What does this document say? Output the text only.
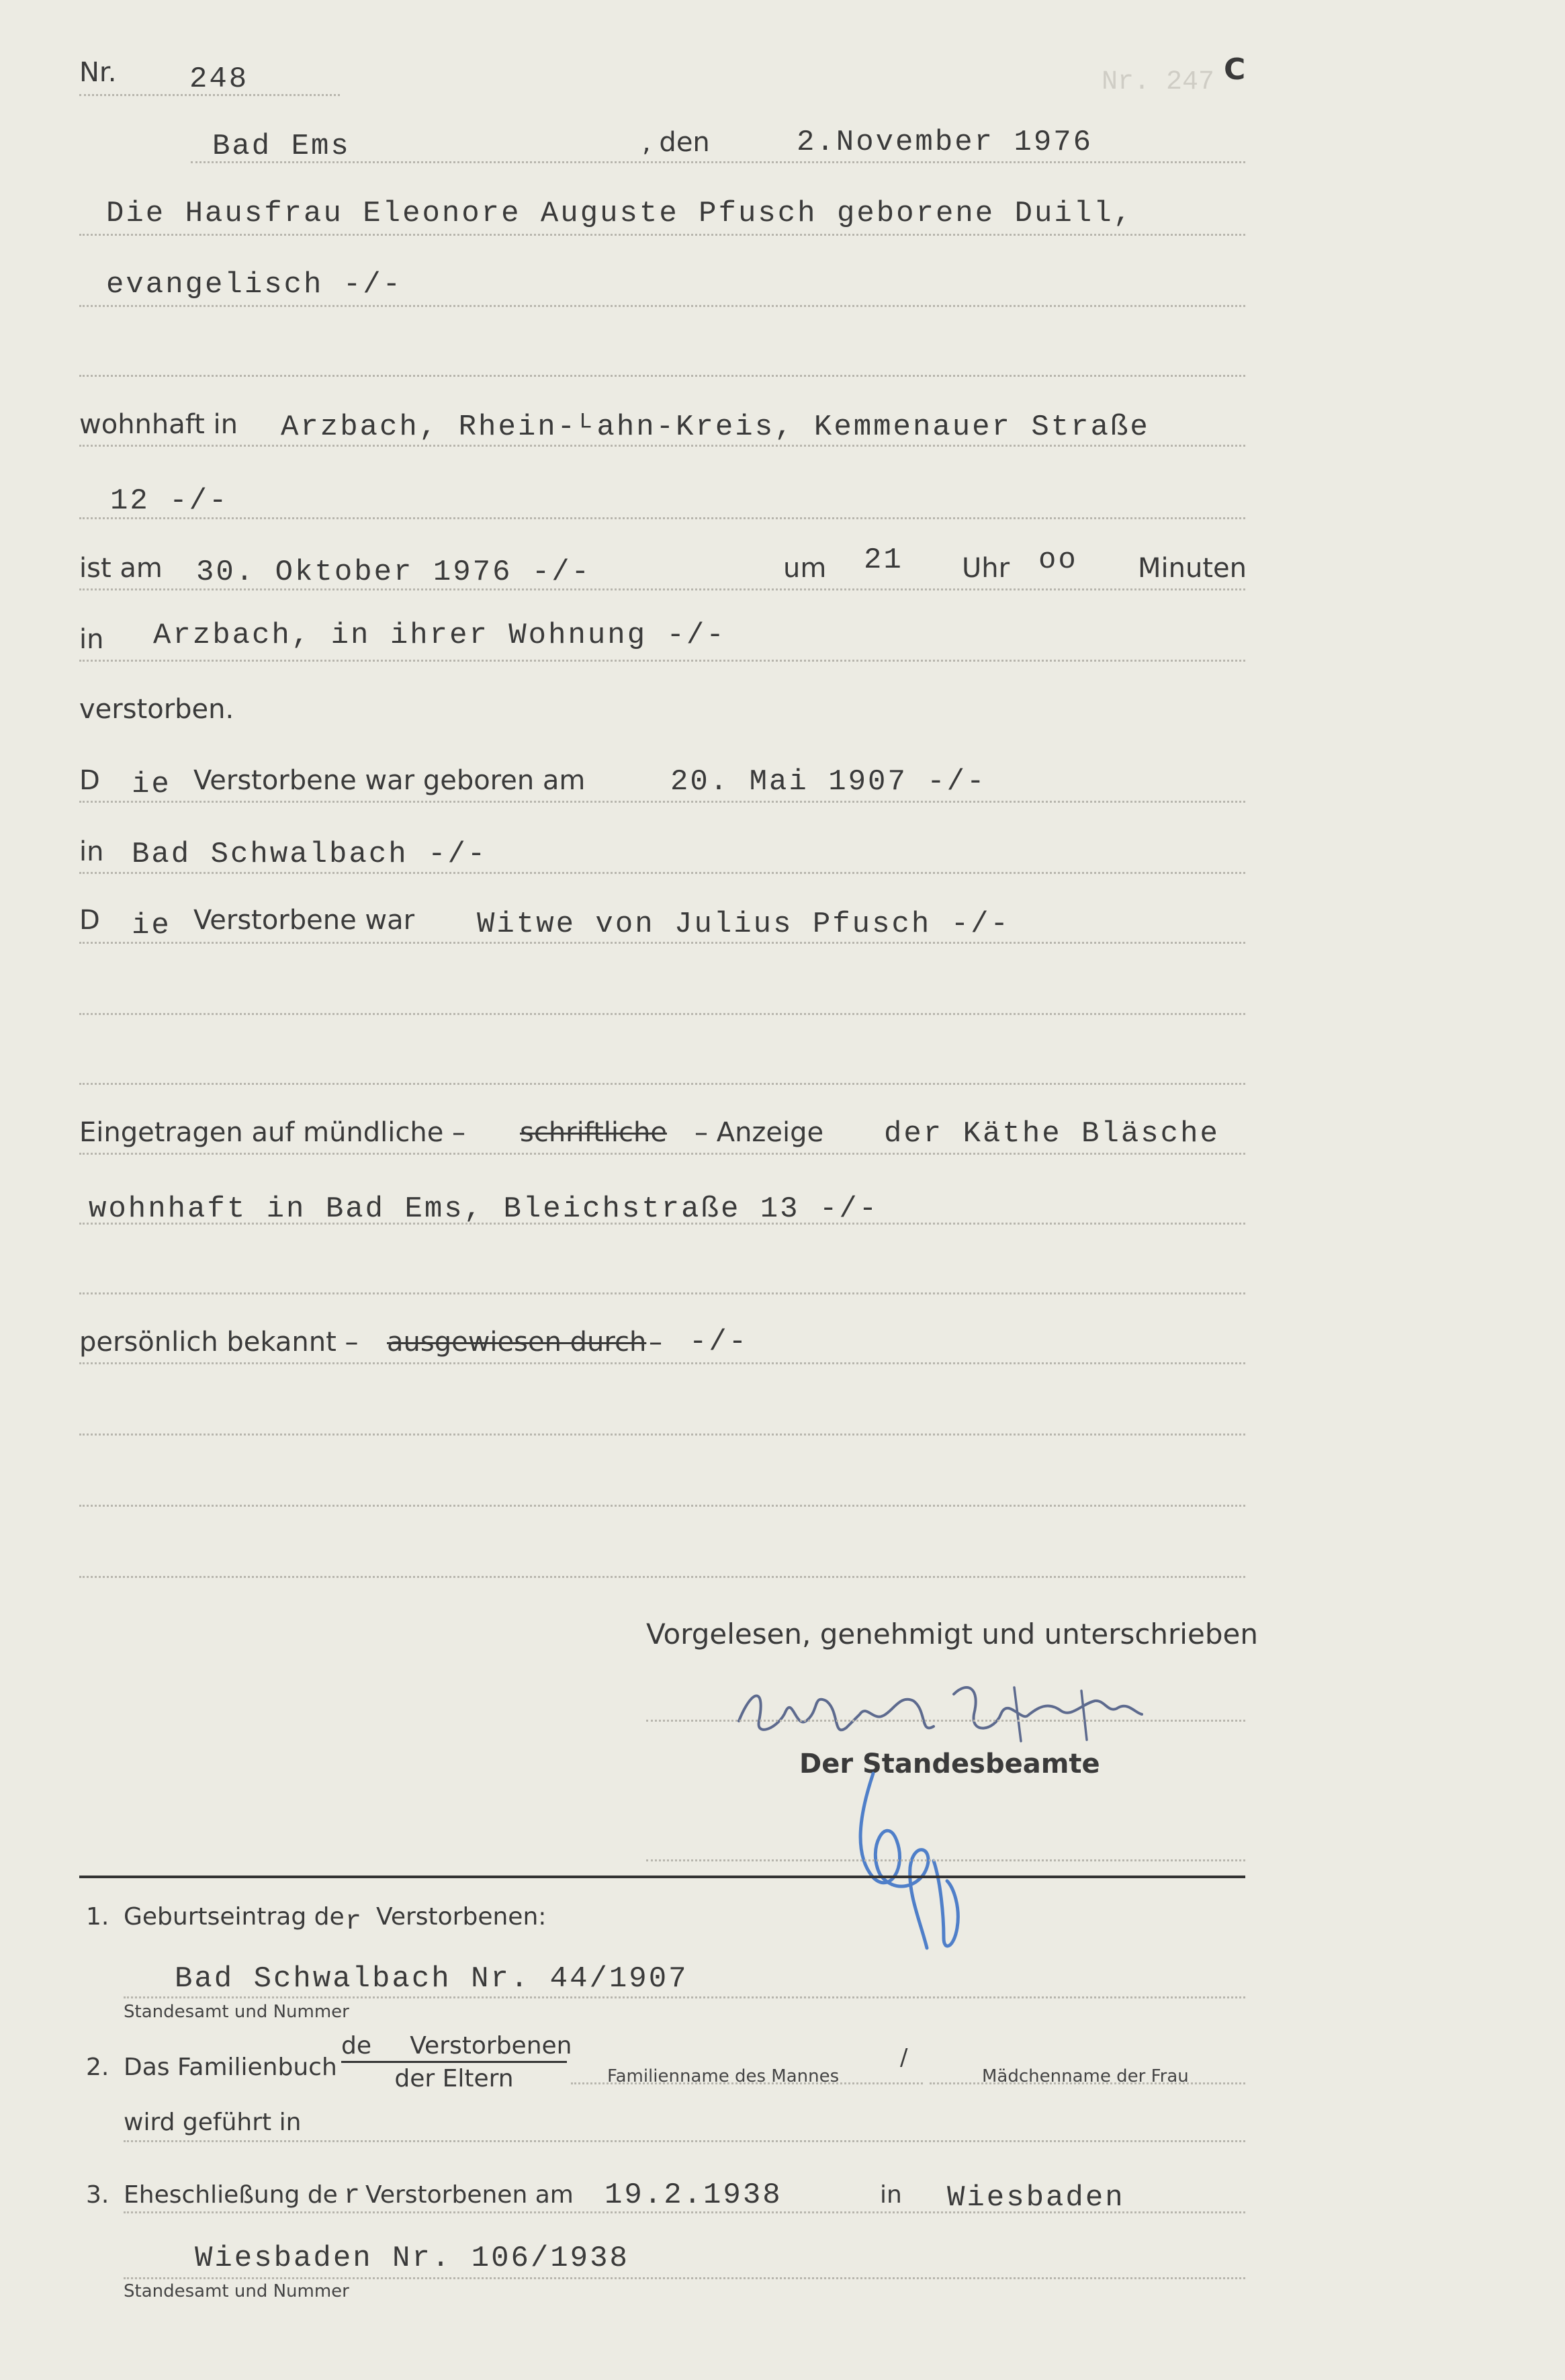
Nr. 247
Nr. 248	C
Bad Ems	, den	2.November 1976
Die Hausfrau Eleonore Auguste Pfusch geborene Duill,
evangelisch -/-
wohnhaft in Arzbach, Rhein-ᴸahn-Kreis, Kemmenauer Straße
12 -/-
ist am 30. Oktober 1976 -/-	um 21 Uhr oo Minuten
in Arzbach, in ihrer Wohnung -/-
verstorben.
D ie Verstorbene war geboren am	20. Mai 1907 -/-
in Bad Schwalbach -/-
D ie Verstorbene war Witwe von Julius Pfusch -/-
Eingetragen auf mündliche – schriftliche – Anzeige der Käthe Bläsche
wohnhaft in Bad Ems, Bleichstraße 13 -/-
persönlich bekannt – ausgewiesen durch – -/-
Vorgelesen, genehmigt und unterschrieben
Der Standesbeamte
1. Geburtseintrag de r Verstorbenen:
Bad Schwalbach Nr. 44/1907
Standesamt und Nummer
2. Das Familienbuch
de Verstorbenen
der Eltern	Familienname des Mannes
/
Mädchenname der Frau
wird geführt in
3. Eheschließung de r Verstorbenen am 19.2.1938	in Wiesbaden
Wiesbaden Nr. 106/1938
Standesamt und Nummer
